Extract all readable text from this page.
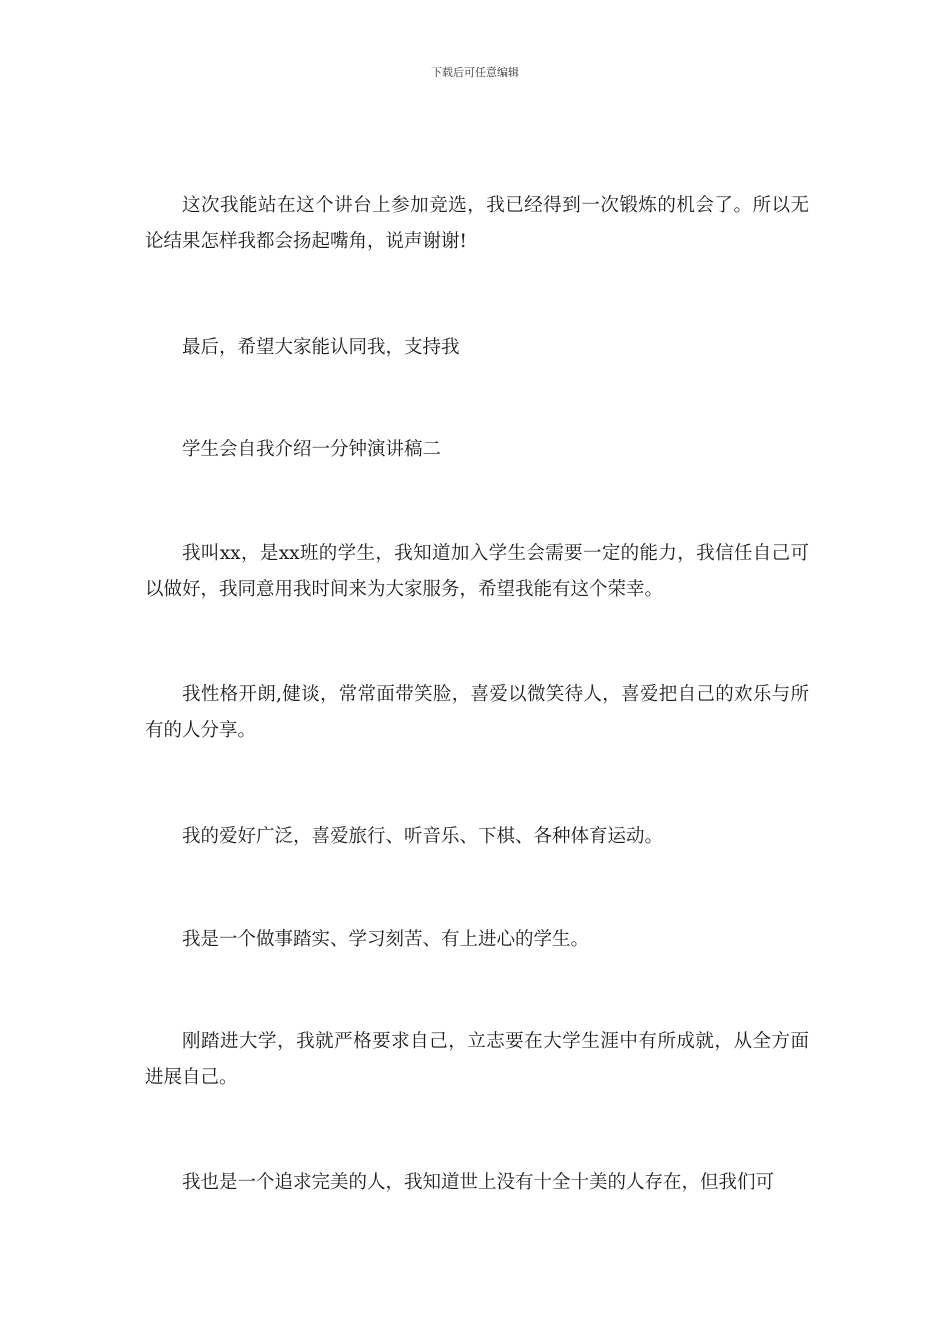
下载后可任意编辑

这次我能站在这个讲台上参加竞选，我已经得到一次锻炼的机会了。所以无论结果怎样我都会扬起嘴角，说声谢谢!

最后，希望大家能认同我，支持我

学生会自我介绍一分钟演讲稿二

我叫xx，是xx班的学生，我知道加入学生会需要一定的能力，我信任自己可以做好，我同意用我时间来为大家服务，希望我能有这个荣幸。

我性格开朗,健谈，常常面带笑脸，喜爱以微笑待人，喜爱把自己的欢乐与所有的人分享。

我的爱好广泛，喜爱旅行、听音乐、下棋、各种体育运动。

我是一个做事踏实、学习刻苦、有上进心的学生。

刚踏进大学，我就严格要求自己，立志要在大学生涯中有所成就，从全方面进展自己。

我也是一个追求完美的人，我知道世上没有十全十美的人存在，但我们可
